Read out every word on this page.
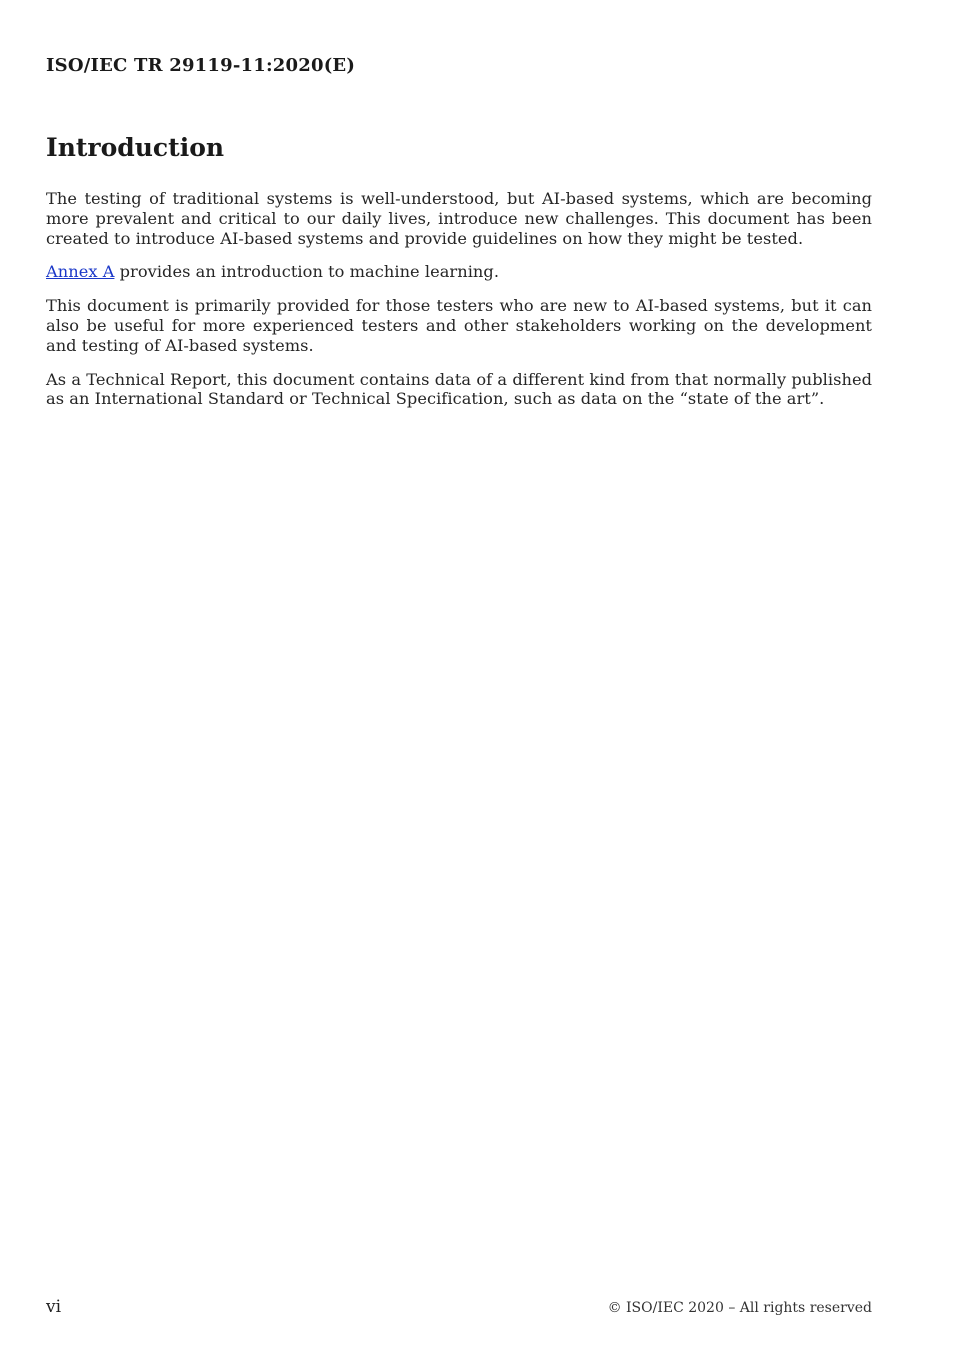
ISO/IEC TR 29119-11:2020(E)
Introduction

The testing of traditional systems is well-understood, but AI-based systems, which are becoming more prevalent and critical to our daily lives, introduce new challenges. This document has been created to introduce AI-based systems and provide guidelines on how they might be tested.

Annex A provides an introduction to machine learning.

This document is primarily provided for those testers who are new to AI-based systems, but it can also be useful for more experienced testers and other stakeholders working on the development and testing of AI-based systems.

As a Technical Report, this document contains data of a different kind from that normally published as an International Standard or Technical Specification, such as data on the “state of the art”.

vi	© ISO/IEC 2020 – All rights reserved
